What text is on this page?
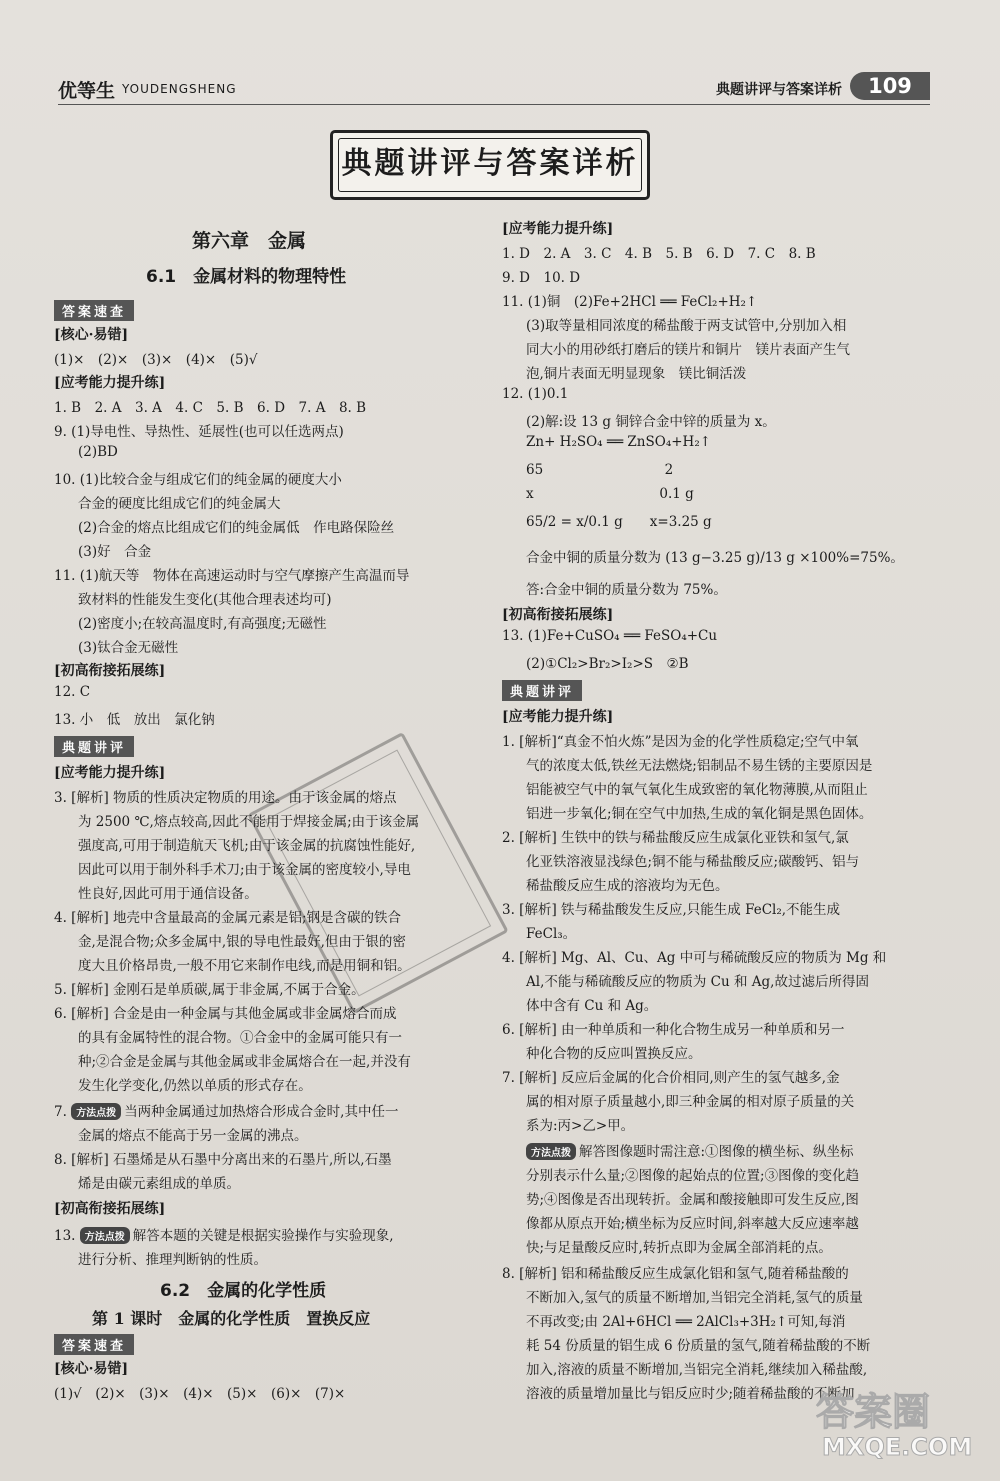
优等生 YOUDENGSHENG	典题讲评与答案详析	109
典题讲评与答案详析
第六章　金属
6.1　金属材料的物理特性
答案速查
[核心·易错]
(1)×　(2)×　(3)×　(4)×　(5)√
[应考能力提升练]
1. B　2. A　3. A　4. C　5. B　6. D　7. A　8. B
9. (1)导电性、导热性、延展性(也可以任选两点)
(2)BD
10. (1)比较合金与组成它们的纯金属的硬度大小
合金的硬度比组成它们的纯金属大
(2)合金的熔点比组成它们的纯金属低　作电路保险丝
(3)好　合金
11. (1)航天等　物体在高速运动时与空气摩擦产生高温而导
致材料的性能发生变化(其他合理表述均可)
(2)密度小;在较高温度时,有高强度;无磁性
(3)钛合金无磁性
[初高衔接拓展练]
12. C
13. 小　低　放出　氯化钠
典题讲评
[应考能力提升练]
3. [解析] 物质的性质决定物质的用途。由于该金属的熔点
为 2500 ℃,熔点较高,因此不能用于焊接金属;由于该金属
强度高,可用于制造航天飞机;由于该金属的抗腐蚀性能好,
因此可以用于制外科手术刀;由于该金属的密度较小,导电
性良好,因此可用于通信设备。
4. [解析] 地壳中含量最高的金属元素是铝;钢是含碳的铁合
金,是混合物;众多金属中,银的导电性最好,但由于银的密
度大且价格昂贵,一般不用它来制作电线,而是用铜和铝。
5. [解析] 金刚石是单质碳,属于非金属,不属于合金。
6. [解析] 合金是由一种金属与其他金属或非金属熔合而成
的具有金属特性的混合物。①合金中的金属可能只有一
种;②合金是金属与其他金属或非金属熔合在一起,并没有
发生化学变化,仍然以单质的形式存在。
7. 方法点拨 当两种金属通过加热熔合形成合金时,其中任一
金属的熔点不能高于另一金属的沸点。
8. [解析] 石墨烯是从石墨中分离出来的石墨片,所以,石墨
烯是由碳元素组成的单质。
[初高衔接拓展练]
13. 方法点拨 解答本题的关键是根据实验操作与实验现象,
进行分析、推理判断钠的性质。
6.2　金属的化学性质
第 1 课时　金属的化学性质　置换反应
答案速查
[核心·易错]
(1)√　(2)×　(3)×　(4)×　(5)×　(6)×　(7)×
[应考能力提升练]
1. D　2. A　3. C　4. B　5. B　6. D　7. C　8. B
9. D　10. D
11. (1)铜　(2)Fe+2HCl ══ FeCl₂+H₂↑
(3)取等量相同浓度的稀盐酸于两支试管中,分别加入相
同大小的用砂纸打磨后的镁片和铜片　镁片表面产生气
泡,铜片表面无明显现象　镁比铜活泼
12. (1)0.1
(2)解:设 13 g 铜锌合金中锌的质量为 x。
Zn+ H₂SO₄ ══ ZnSO₄+H₂↑
65　　　　　　　　　2
x　　　　　　　　　 0.1 g
65/2 = x/0.1 g　　x=3.25 g
合金中铜的质量分数为 (13 g−3.25 g)/13 g ×100%=75%。
答:合金中铜的质量分数为 75%。
[初高衔接拓展练]
13. (1)Fe+CuSO₄ ══ FeSO₄+Cu
(2)①Cl₂>Br₂>I₂>S　②B
典题讲评
[应考能力提升练]
1. [解析]“真金不怕火炼”是因为金的化学性质稳定;空气中氧
气的浓度太低,铁丝无法燃烧;铝制品不易生锈的主要原因是
铝能被空气中的氧气氧化生成致密的氧化物薄膜,从而阻止
铝进一步氧化;铜在空气中加热,生成的氧化铜是黑色固体。
2. [解析] 生铁中的铁与稀盐酸反应生成氯化亚铁和氢气,氯
化亚铁溶液显浅绿色;铜不能与稀盐酸反应;碳酸钙、铝与
稀盐酸反应生成的溶液均为无色。
3. [解析] 铁与稀盐酸发生反应,只能生成 FeCl₂,不能生成
FeCl₃。
4. [解析] Mg、Al、Cu、Ag 中可与稀硫酸反应的物质为 Mg 和
Al,不能与稀硫酸反应的物质为 Cu 和 Ag,故过滤后所得固
体中含有 Cu 和 Ag。
6. [解析] 由一种单质和一种化合物生成另一种单质和另一
种化合物的反应叫置换反应。
7. [解析] 反应后金属的化合价相同,则产生的氢气越多,金
属的相对原子质量越小,即三种金属的相对原子质量的关
系为:丙>乙>甲。
方法点拨 解答图像题时需注意:①图像的横坐标、纵坐标
分别表示什么量;②图像的起始点的位置;③图像的变化趋
势;④图像是否出现转折。金属和酸接触即可发生反应,图
像都从原点开始;横坐标为反应时间,斜率越大反应速率越
快;与足量酸反应时,转折点即为金属全部消耗的点。
8. [解析] 铝和稀盐酸反应生成氯化铝和氢气,随着稀盐酸的
不断加入,氢气的质量不断增加,当铝完全消耗,氢气的质量
不再改变;由 2Al+6HCl ══ 2AlCl₃+3H₂↑可知,每消
耗 54 份质量的铝生成 6 份质量的氢气,随着稀盐酸的不断
加入,溶液的质量不断增加,当铝完全消耗,继续加入稀盐酸,
溶液的质量增加量比与铝反应时少;随着稀盐酸的不断加
答案圈
MXQE.COM
